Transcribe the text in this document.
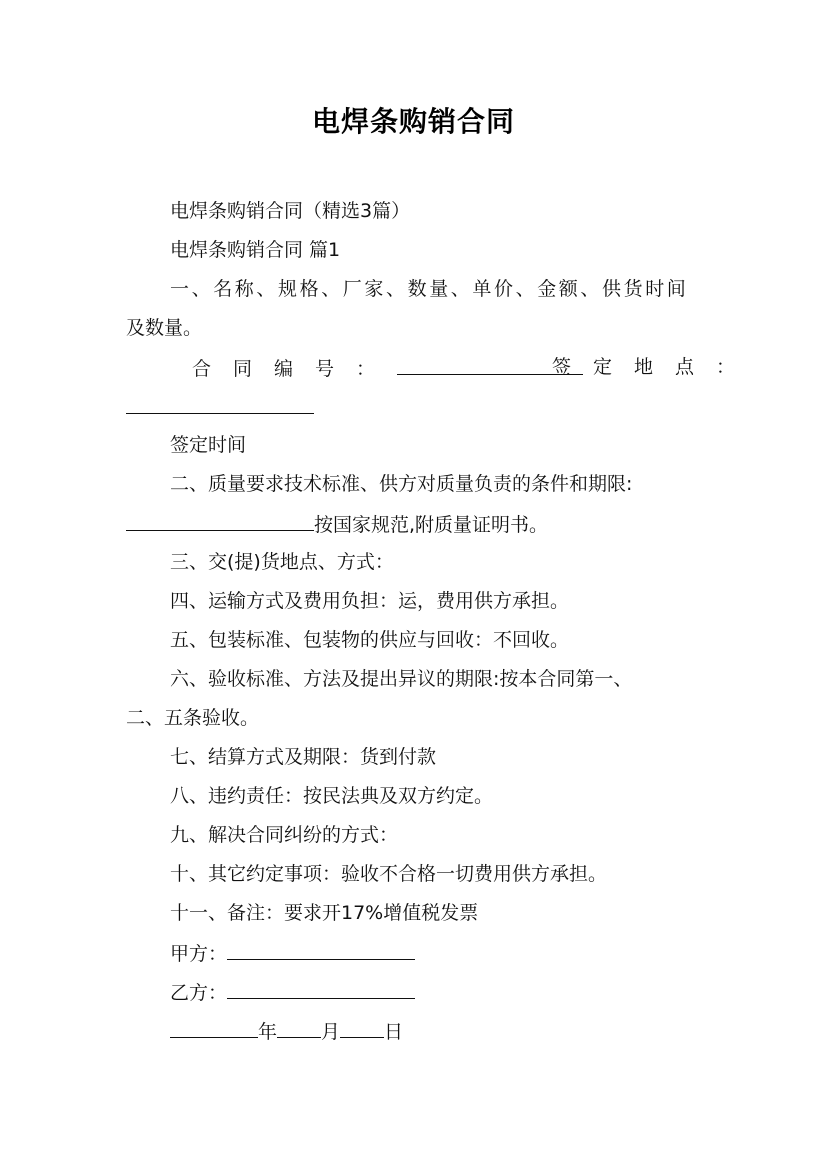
电焊条购销合同
电焊条购销合同（精选3篇）
电焊条购销合同 篇1
一、名称、规格、厂家、数量、单价、金额、供货时间
及数量。
合同编号：	签定地点：
签定时间
二、质量要求技术标准、供方对质量负责的条件和期限:
按国家规范,附质量证明书。
三、交(提)货地点、方式：
四、运输方式及费用负担：运，费用供方承担。
五、包装标准、包装物的供应与回收：不回收。
六、验收标准、方法及提出异议的期限:按本合同第一、
二、五条验收。
七、结算方式及期限：货到付款
八、违约责任：按民法典及双方约定。
九、解决合同纠纷的方式：
十、其它约定事项：验收不合格一切费用供方承担。
十一、备注：要求开17%增值税发票
甲方：
乙方：
年 月 日
